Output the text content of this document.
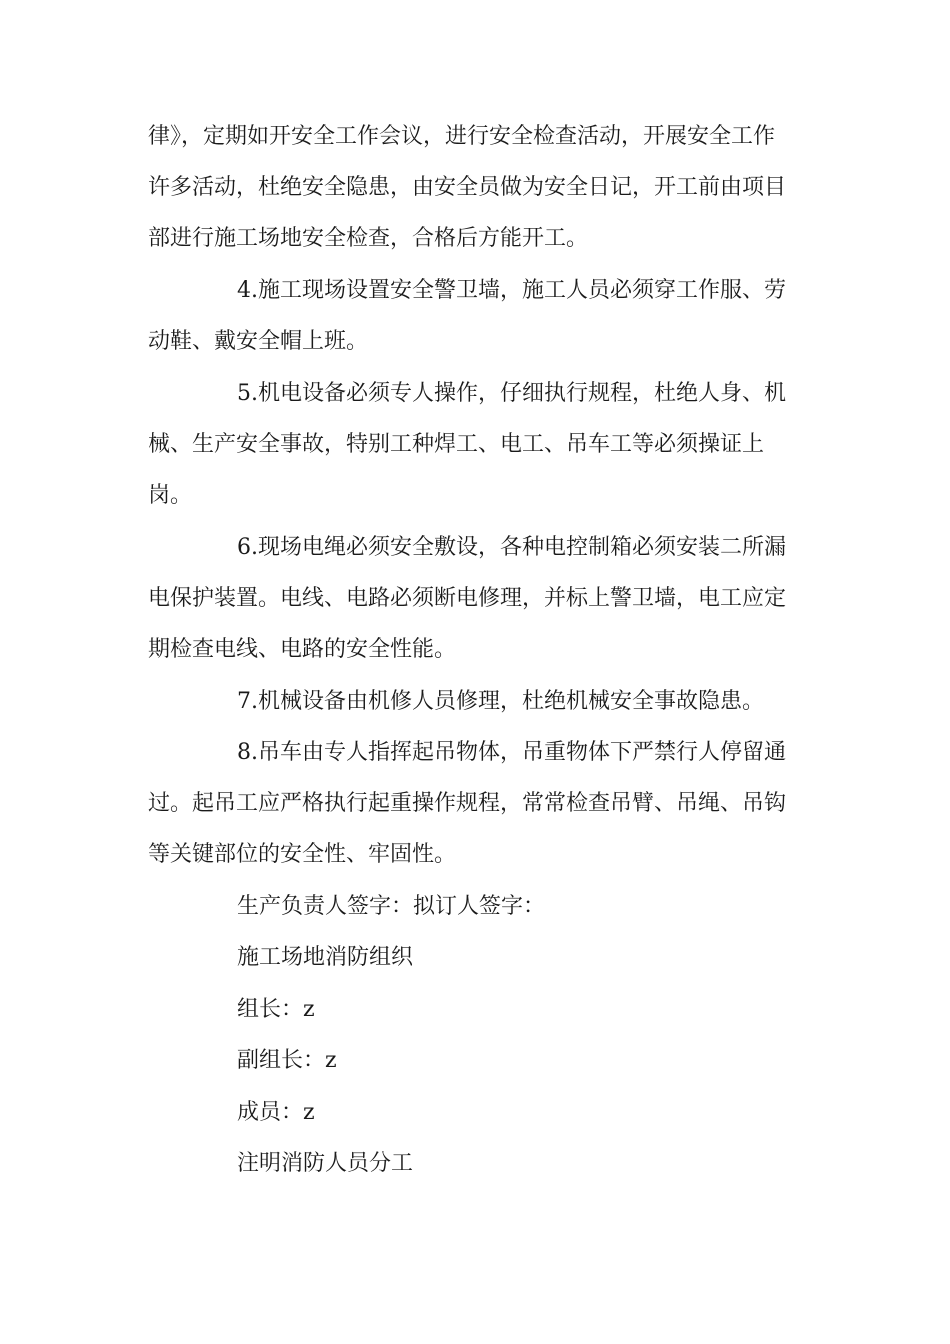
律》，定期如开安全工作会议，进行安全检查活动，开展安全工作
许多活动，杜绝安全隐患，由安全员做为安全日记，开工前由项目
部进行施工场地安全检查，合格后方能开工。
4.施工现场设置安全警卫墙，施工人员必须穿工作服、劳
动鞋、戴安全帽上班。
5.机电设备必须专人操作，仔细执行规程，杜绝人身、机
械、生产安全事故，特别工种焊工、电工、吊车工等必须操证上
岗。
6.现场电绳必须安全敷设，各种电控制箱必须安装二所漏
电保护装置。电线、电路必须断电修理，并标上警卫墙，电工应定
期检查电线、电路的安全性能。
7.机械设备由机修人员修理，杜绝机械安全事故隐患。
8.吊车由专人指挥起吊物体，吊重物体下严禁行人停留通
过。起吊工应严格执行起重操作规程，常常检查吊臂、吊绳、吊钩
等关键部位的安全性、牢固性。
生产负责人签字：拟订人签字：
施工场地消防组织
组长：z
副组长：z
成员：z
注明消防人员分工
